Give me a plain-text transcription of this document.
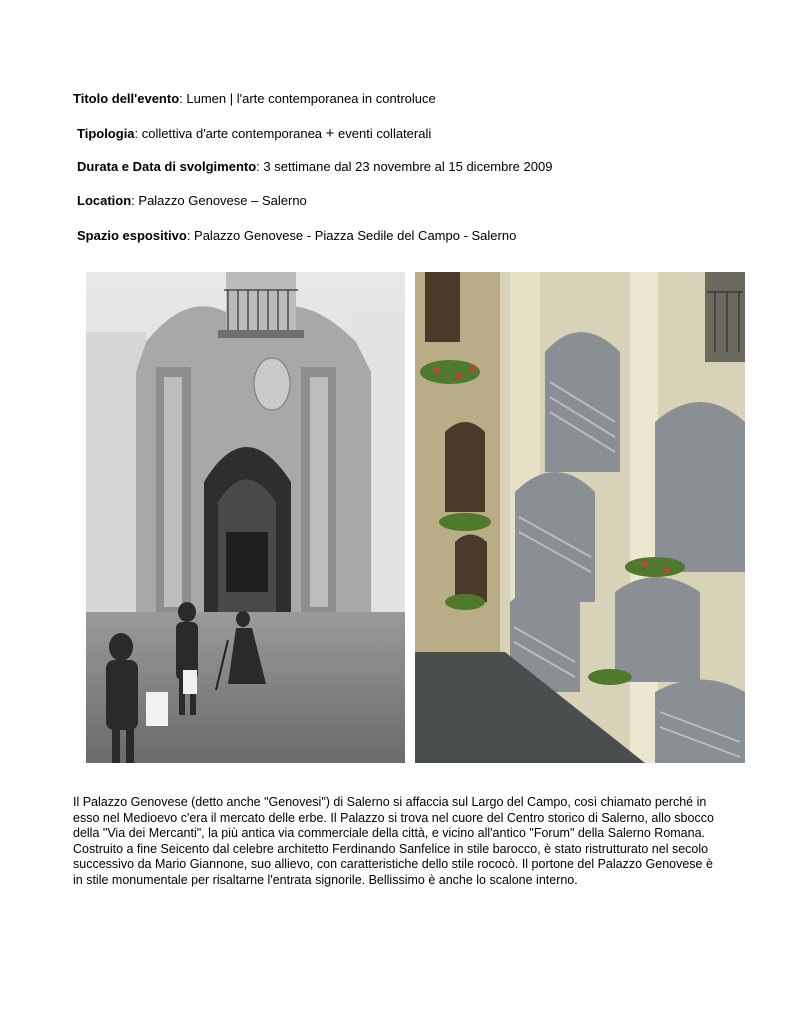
Titolo dell'evento: Lumen | l'arte contemporanea in controluce
Tipologia: collettiva d'arte contemporanea + eventi collaterali
Durata e Data di svolgimento: 3 settimane dal 23 novembre al 15 dicembre 2009
Location: Palazzo Genovese – Salerno
Spazio espositivo: Palazzo Genovese - Piazza Sedile del Campo - Salerno
Il Palazzo Genovese (detto anche "Genovesi") di Salerno si affaccia sul Largo del Campo, così chiamato perché in esso nel Medioevo c'era il mercato delle erbe. Il Palazzo si trova nel cuore del Centro storico di Salerno, allo sbocco della "Via dei Mercanti", la più antica via commerciale della città, e vicino all'antico "Forum" della Salerno Romana. Costruito a fine Seicento dal celebre architetto Ferdinando Sanfelice in stile barocco, è stato ristrutturato nel secolo successivo da Mario Giannone, suo allievo, con caratteristiche dello stile rococò. Il portone del Palazzo Genovese è in stile monumentale per risaltarne l'entrata signorile. Bellissimo è anche lo scalone interno.
